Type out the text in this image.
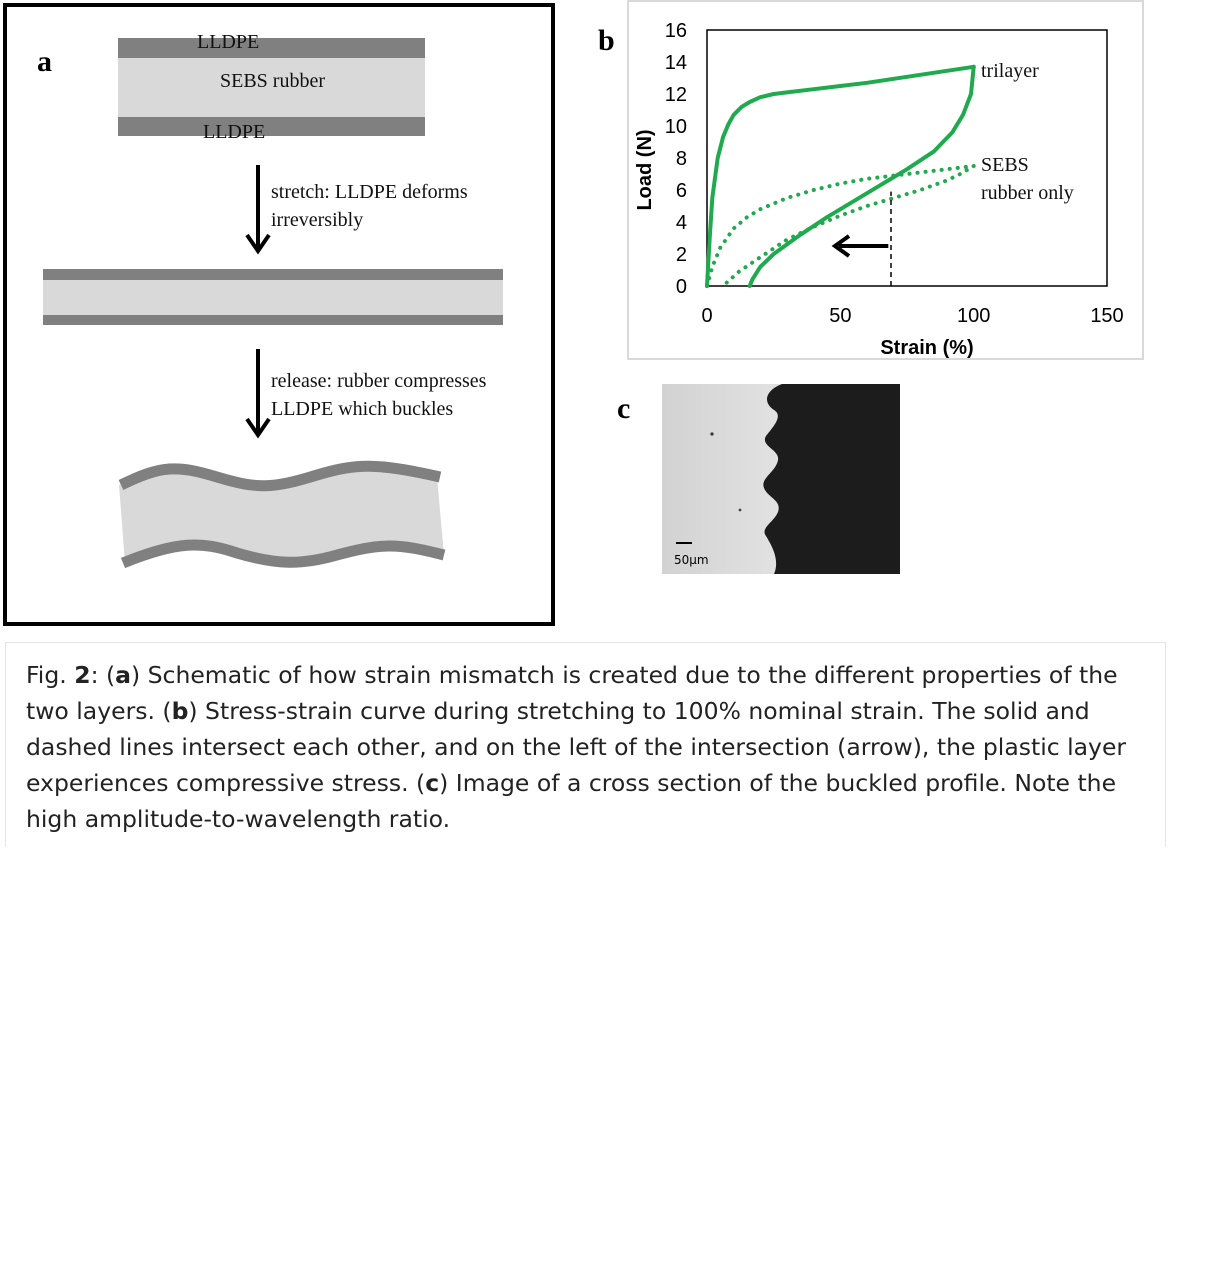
a
LLDPE
SEBS rubber
LLDPE
stretch: LLDPE deforms
irreversibly
release: rubber compresses
LLDPE which buckles
b
0
2
4
6
8
10
12
14
16
0	50	100	150
Strain (%)
Load (N)
trilayer
SEBS
rubber only
c
50μm
Fig. 2: (a) Schematic of how strain mismatch is created due to the different properties of the two layers. (b) Stress-strain curve during stretching to 100% nominal strain. The solid and dashed lines intersect each other, and on the left of the intersection (arrow), the plastic layer experiences compressive stress. (c) Image of a cross section of the buckled profile. Note the high amplitude-to-wavelength ratio.
